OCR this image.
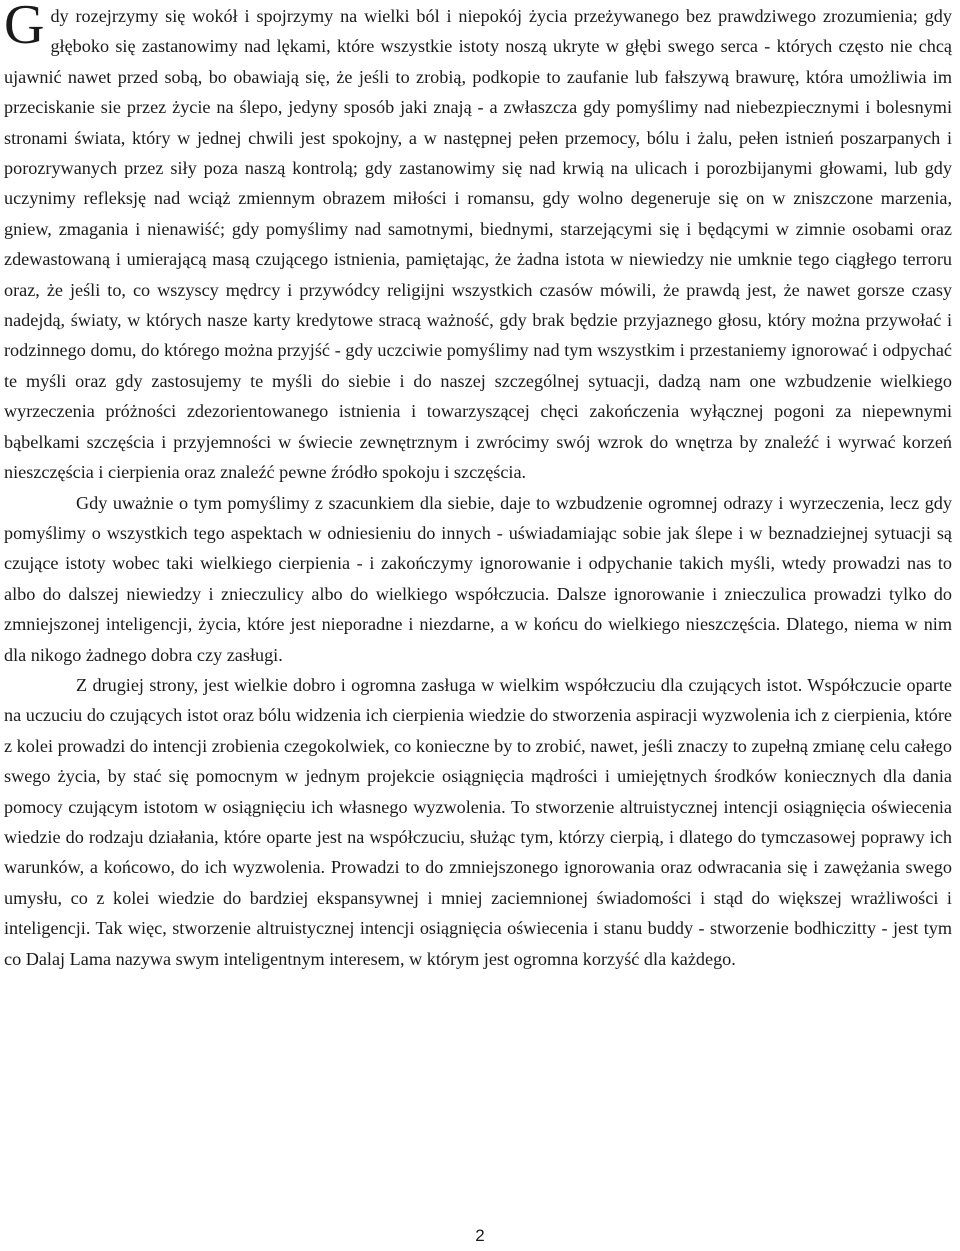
Gdy rozejrzymy się wokół i spojrzymy na wielki ból i niepokój życia przeżywanego bez prawdziwego zrozumienia; gdy głęboko się zastanowimy nad lękami, które wszystkie istoty noszą ukryte w głębi swego serca - których często nie chcą ujawnić nawet przed sobą, bo obawiają się, że jeśli to zrobią, podkopie to zaufanie lub fałszywą brawurę, która umożliwia im przeciskanie sie przez życie na ślepo, jedyny sposób jaki znają - a zwłaszcza gdy pomyślimy nad niebezpiecznymi i bolesnymi stronami świata, który w jednej chwili jest spokojny, a w następnej pełen przemocy, bólu i żalu, pełen istnień poszarpanych i porozrywanych przez siły poza naszą kontrolą; gdy zastanowimy się nad krwią na ulicach i porozbijanymi głowami, lub gdy uczynimy refleksję nad wciąż zmiennym obrazem miłości i romansu, gdy wolno degeneruje się on w zniszczone marzenia, gniew, zmagania i nienawiść; gdy pomyślimy nad samotnymi, biednymi, starzejącymi się i będącymi w zimnie osobami oraz zdewastowaną i umierającą masą czującego istnienia, pamiętając, że żadna istota w niewiedzy nie umknie tego ciągłego terroru oraz, że jeśli to, co wszyscy mędrcy i przywódcy religijni wszystkich czasów mówili, że prawdą jest, że nawet gorsze czasy nadejdą, światy, w których nasze karty kredytowe stracą ważność, gdy brak będzie przyjaznego głosu, który można przywołać i rodzinnego domu, do którego można przyjść - gdy uczciwie pomyślimy nad tym wszystkim i przestaniemy ignorować i odpychać te myśli oraz gdy zastosujemy te myśli do siebie i do naszej szczególnej sytuacji, dadzą nam one wzbudzenie wielkiego wyrzeczenia próżności zdezorientowanego istnienia i towarzyszącej chęci zakończenia wyłącznej pogoni za niepewnymi bąbelkami szczęścia i przyjemności w świecie zewnętrznym i zwrócimy swój wzrok do wnętrza by znaleźć i wyrwać korzeń nieszczęścia i cierpienia oraz znaleźć pewne źródło spokoju i szczęścia.

Gdy uważnie o tym pomyślimy z szacunkiem dla siebie, daje to wzbudzenie ogromnej odrazy i wyrzeczenia, lecz gdy pomyślimy o wszystkich tego aspektach w odniesieniu do innych - uświadamiając sobie jak ślepe i w beznadziejnej sytuacji są czujące istoty wobec taki wielkiego cierpienia - i zakończymy ignorowanie i odpychanie takich myśli, wtedy prowadzi nas to albo do dalszej niewiedzy i znieczulicy albo do wielkiego współczucia. Dalsze ignorowanie i znieczulica prowadzi tylko do zmniejszonej inteligencji, życia, które jest nieporadne i niezdarne, a w końcu do wielkiego nieszczęścia. Dlatego, niema w nim dla nikogo żadnego dobra czy zasługi.

Z drugiej strony, jest wielkie dobro i ogromna zasługa w wielkim współczuciu dla czujących istot. Współczucie oparte na uczuciu do czujących istot oraz bólu widzenia ich cierpienia wiedzie do stworzenia aspiracji wyzwolenia ich z cierpienia, które z kolei prowadzi do intencji zrobienia czegokolwiek, co konieczne by to zrobić, nawet, jeśli znaczy to zupełną zmianę celu całego swego życia, by stać się pomocnym w jednym projekcie osiągnięcia mądrości i umiejętnych środków koniecznych dla dania pomocy czującym istotom w osiągnięciu ich własnego wyzwolenia. To stworzenie altruistycznej intencji osiągnięcia oświecenia wiedzie do rodzaju działania, które oparte jest na współczuciu, służąc tym, którzy cierpią, i dlatego do tymczasowej poprawy ich warunków, a końcowo, do ich wyzwolenia. Prowadzi to do zmniejszonego ignorowania oraz odwracania się i zawężania swego umysłu, co z kolei wiedzie do bardziej ekspansywnej i mniej zaciemnionej świadomości i stąd do większej wrażliwości i inteligencji. Tak więc, stworzenie altruistycznej intencji osiągnięcia oświecenia i stanu buddy - stworzenie bodhiczitty - jest tym co Dalaj Lama nazywa swym inteligentnym interesem, w którym jest ogromna korzyść dla każdego.

2
